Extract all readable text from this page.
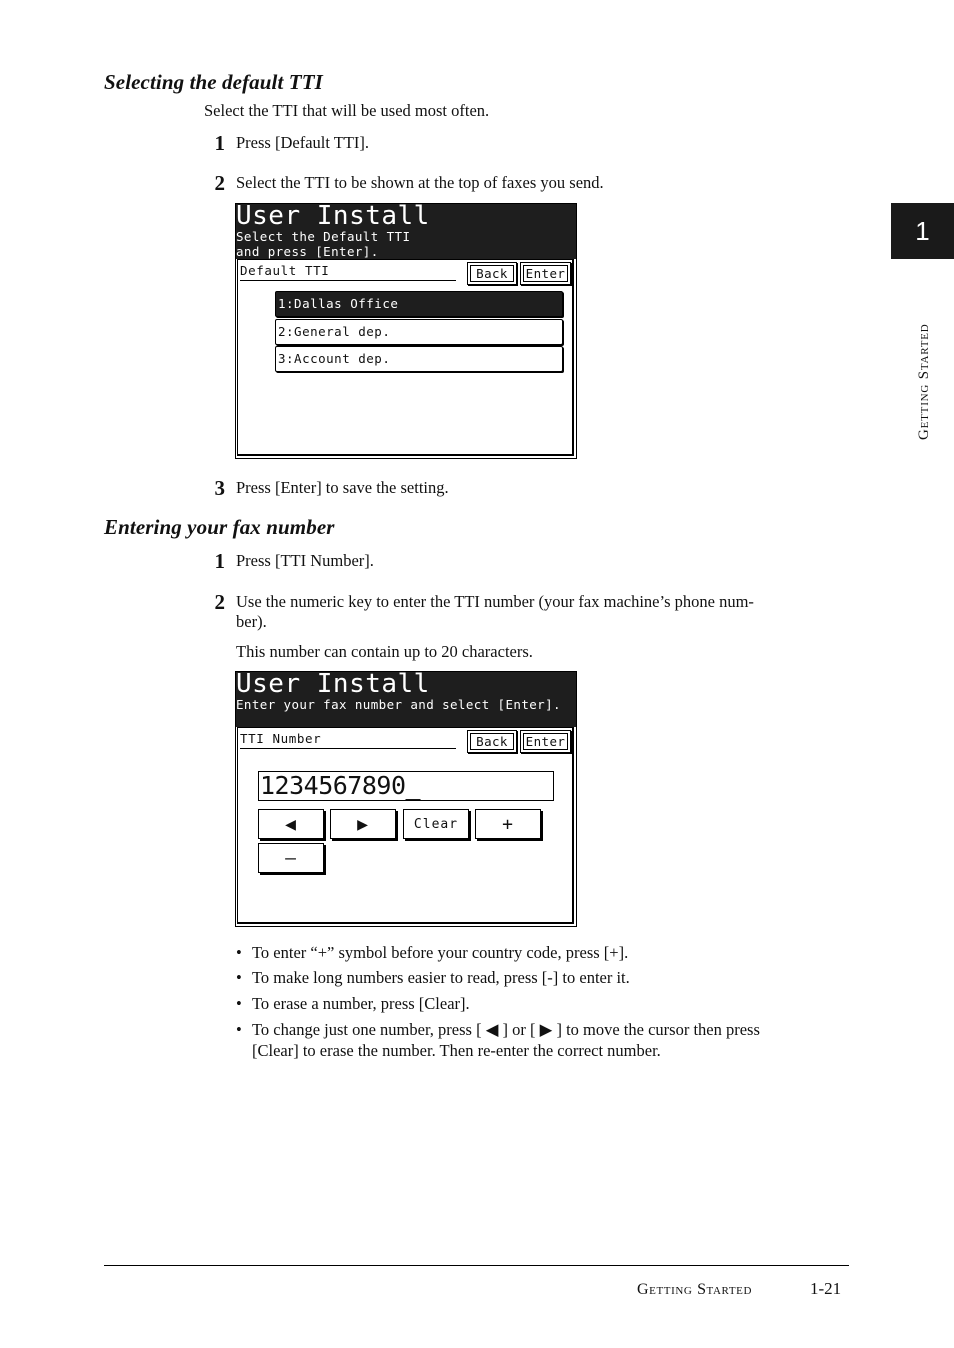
1
Getting Started
Selecting the default TTI
Select the TTI that will be used most often.
1 Press [Default TTI].
2 Select the TTI to be shown at the top of faxes you send.
User Install
Select the Default TTI
and press [Enter].
Default TTI	Back Enter
1:Dallas Office
2:General dep.
3:Account dep.
3 Press [Enter] to save the setting.
Entering your fax number
1 Press [TTI Number].
2 Use the numeric key to enter the TTI number (your fax machine’s phone num-
ber).
This number can contain up to 20 characters.
User Install
Enter your fax number and select [Enter].
TTI Number	Back Enter
1234567890_
◀	▶	Clear +
–
• To enter “+” symbol before your country code, press [+].
• To make long numbers easier to read, press [-] to enter it.
• To erase a number, press [Clear].
• To change just one number, press [ ◀ ] or [ ▶ ] to move the cursor then press
[Clear] to erase the number. Then re-enter the correct number.
Getting Started	1-21
